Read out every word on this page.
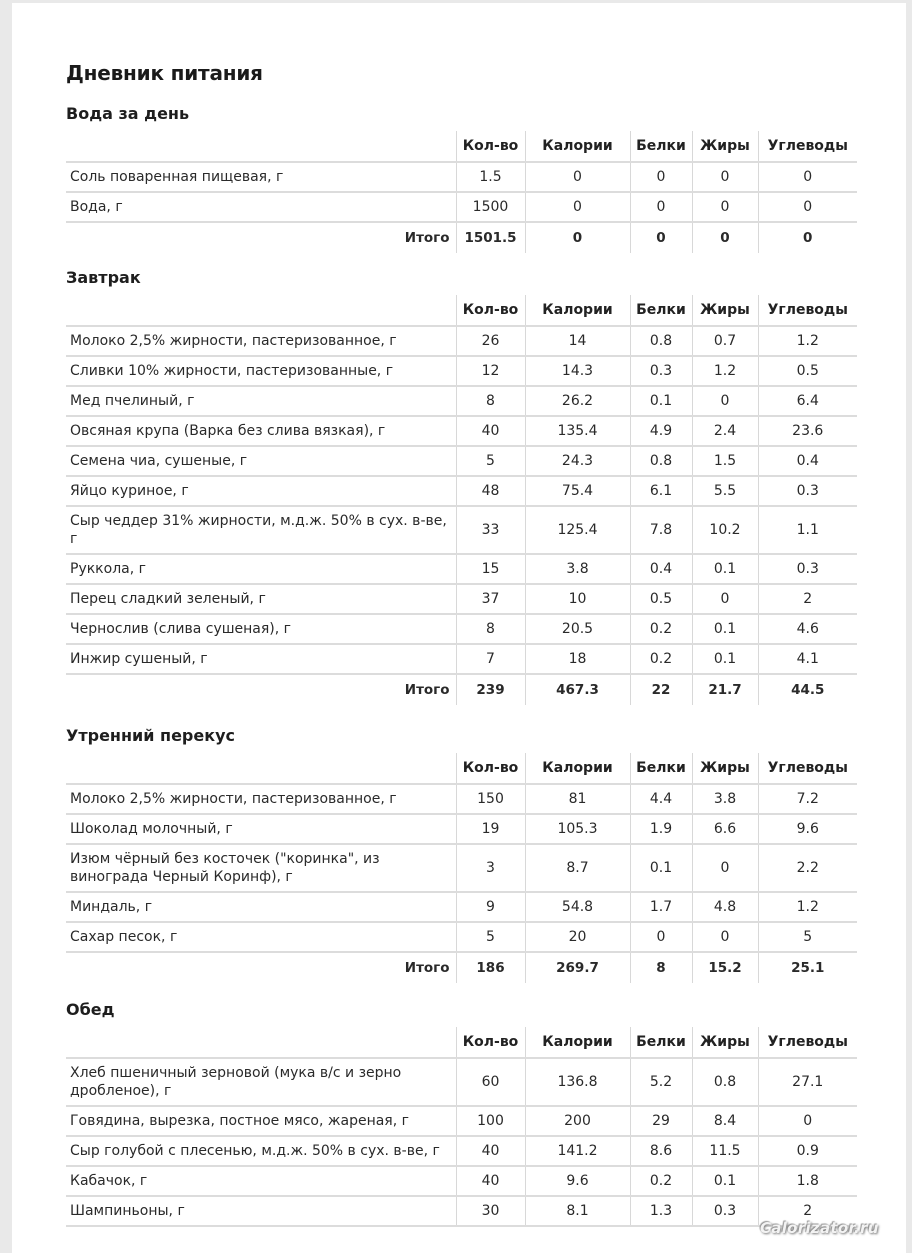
Дневник питания
Вода за день
	Кол-во	Калории	Белки	Жиры	Углеводы
Соль поваренная пищевая, г	1.5	0	0	0	0
Вода, г	1500	0	0	0	0
Итого	1501.5	0	0	0	0
Завтрак
	Кол-во	Калории	Белки	Жиры	Углеводы
Молоко 2,5% жирности, пастеризованное, г	26	14	0.8	0.7	1.2
Сливки 10% жирности, пастеризованные, г	12	14.3	0.3	1.2	0.5
Мед пчелиный, г	8	26.2	0.1	0	6.4
Овсяная крупа (Варка без слива вязкая), г	40	135.4	4.9	2.4	23.6
Семена чиа, сушеные, г	5	24.3	0.8	1.5	0.4
Яйцо куриное, г	48	75.4	6.1	5.5	0.3
Сыр чеддер 31% жирности, м.д.ж. 50% в сух. в-ве, г	33	125.4	7.8	10.2	1.1
Руккола, г	15	3.8	0.4	0.1	0.3
Перец сладкий зеленый, г	37	10	0.5	0	2
Чернослив (слива сушеная), г	8	20.5	0.2	0.1	4.6
Инжир сушеный, г	7	18	0.2	0.1	4.1
Итого	239	467.3	22	21.7	44.5
Утренний перекус
	Кол-во	Калории	Белки	Жиры	Углеводы
Молоко 2,5% жирности, пастеризованное, г	150	81	4.4	3.8	7.2
Шоколад молочный, г	19	105.3	1.9	6.6	9.6
Изюм чёрный без косточек ("коринка", из винограда Черный Коринф), г	3	8.7	0.1	0	2.2
Миндаль, г	9	54.8	1.7	4.8	1.2
Сахар песок, г	5	20	0	0	5
Итого	186	269.7	8	15.2	25.1
Обед
	Кол-во	Калории	Белки	Жиры	Углеводы
Хлеб пшеничный зерновой (мука в/с и зерно дробленое), г	60	136.8	5.2	0.8	27.1
Говядина, вырезка, постное мясо, жареная, г	100	200	29	8.4	0
Сыр голубой с плесенью, м.д.ж. 50% в сух. в-ве, г	40	141.2	8.6	11.5	0.9
Кабачок, г	40	9.6	0.2	0.1	1.8
Шампиньоны, г	30	8.1	1.3	0.3	2
Calorizator.ru
